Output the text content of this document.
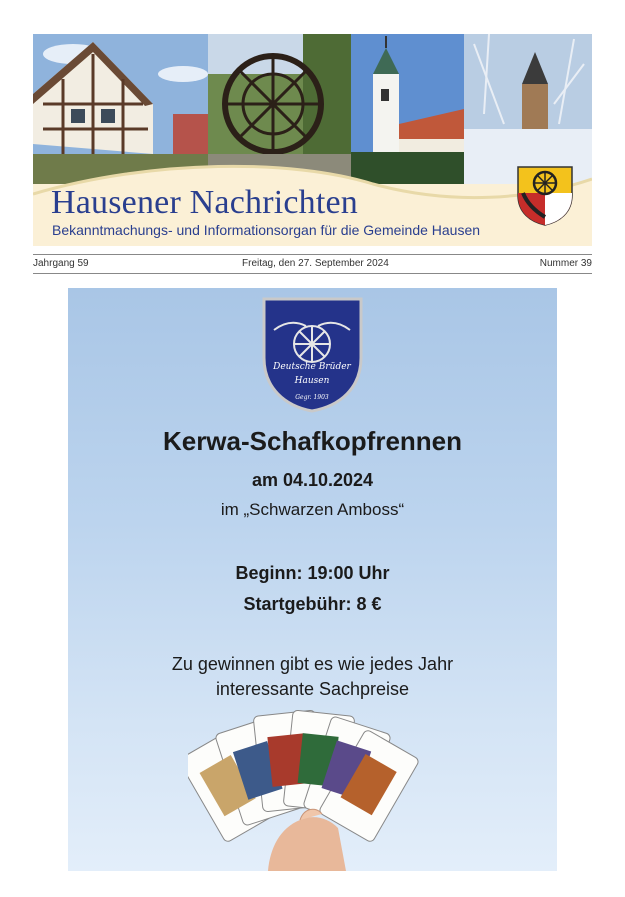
Hausener Nachrichten
Bekanntmachungs- und Informationsorgan für die Gemeinde Hausen
Jahrgang 59	Freitag, den 27. September 2024	Nummer 39
Deutsche Brüder
Hausen
Gegr. 1903
Kerwa-Schafkopfrennen
am 04.10.2024
im „Schwarzen Amboss“
Beginn: 19:00 Uhr
Startgebühr: 8 €
Zu gewinnen gibt es wie jedes Jahr
interessante Sachpreise
